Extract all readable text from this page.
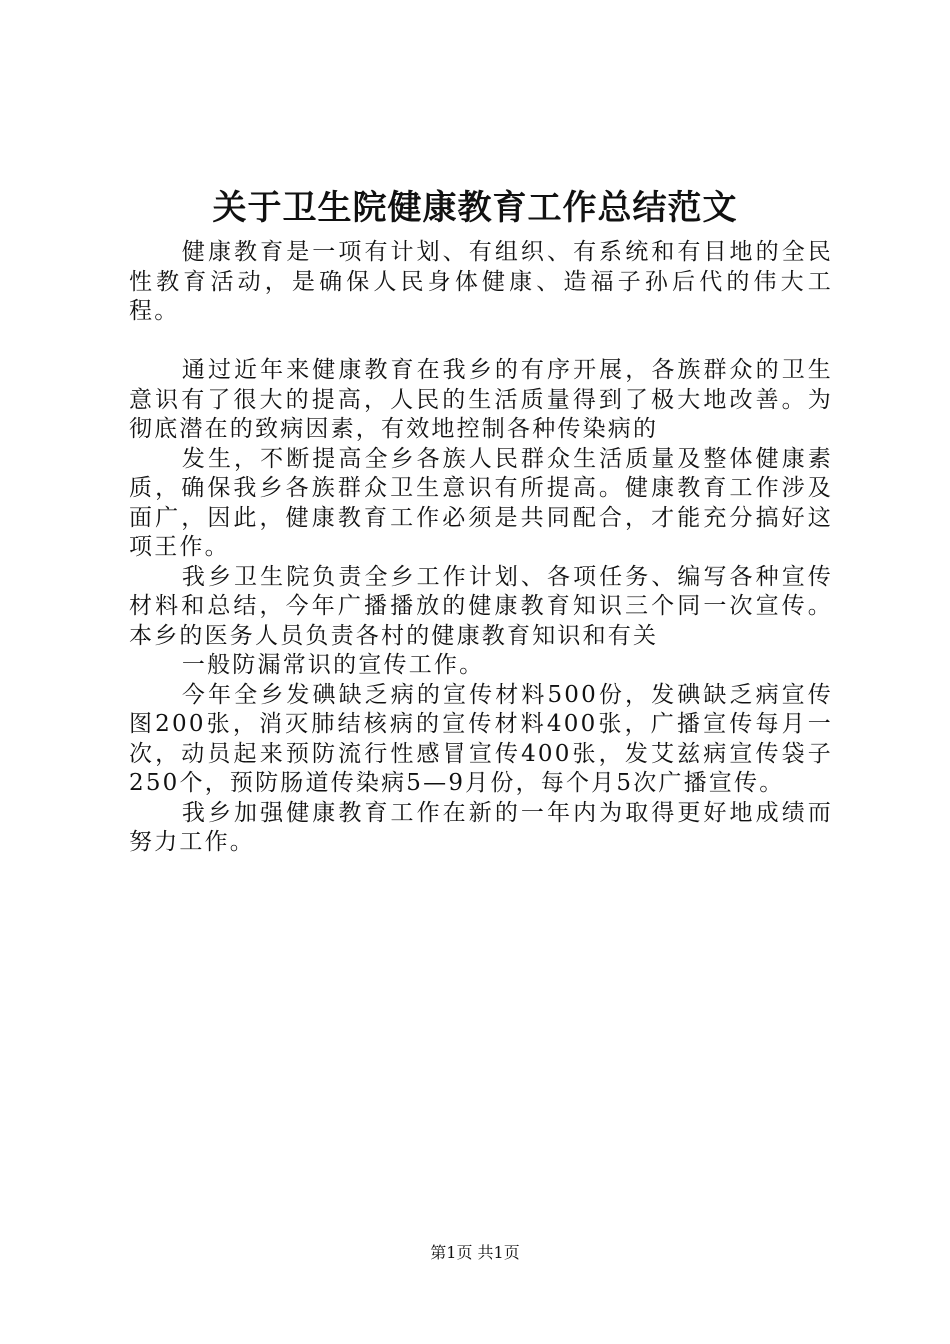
关于卫生院健康教育工作总结范文

健康教育是一项有计划、有组织、有系统和有目地的全民性教育活动，是确保人民身体健康、造福子孙后代的伟大工程。

通过近年来健康教育在我乡的有序开展，各族群众的卫生意识有了很大的提高，人民的生活质量得到了极大地改善。为彻底潜在的致病因素，有效地控制各种传染病的

发生，不断提高全乡各族人民群众生活质量及整体健康素质，确保我乡各族群众卫生意识有所提高。健康教育工作涉及面广，因此，健康教育工作必须是共同配合，才能充分搞好这项王作。

我乡卫生院负责全乡工作计划、各项任务、编写各种宣传材料和总结，今年广播播放的健康教育知识三个同一次宣传。本乡的医务人员负责各村的健康教育知识和有关

一般防漏常识的宣传工作。

今年全乡发碘缺乏病的宣传材料500份，发碘缺乏病宣传图200张，消灭肺结核病的宣传材料400张，广播宣传每月一次，动员起来预防流行性感冒宣传400张，发艾兹病宣传袋子250个，预防肠道传染病5—9月份，每个月5次广播宣传。

我乡加强健康教育工作在新的一年内为取得更好地成绩而努力工作。

第1页 共1页
